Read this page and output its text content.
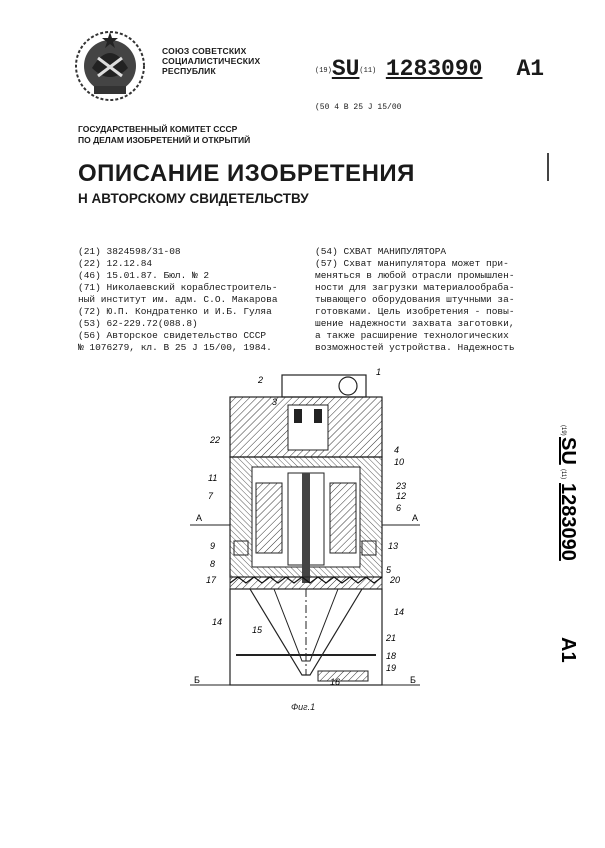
СОЮЗ СОВЕТСКИХ
СОЦИАЛИСТИЧЕСКИХ
РЕСПУБЛИК	(19)SU(11) 1283090 A1
(50 4 B 25 J 15/00
ГОСУДАРСТВЕННЫЙ КОМИТЕТ СССР
ПО ДЕЛАМ ИЗОБРЕТЕНИЙ И ОТКРЫТИЙ
ОПИСАНИЕ ИЗОБРЕТЕНИЯ
Н АВТОРСКОМУ СВИДЕТЕЛЬСТВУ
(21) 3824598/31-08
(22) 12.12.84
(46) 15.01.87. Бюл. № 2
(71) Николаевский кораблестроитель-
ный институт им. адм. С.О. Макарова
(72) Ю.П. Кондратенко и И.Б. Гуляа
(53) 62-229.72(088.8)
(56) Авторское свидетельство СССР
№ 1076279, кл. B 25 J 15/00, 1984.
(54) СХВАТ МАНИПУЛЯТОРА
(57) Схват манипулятора может при-
меняться в любой отрасли промышлен-
ности для загрузки материалообраба-
тывающего оборудования штучными за-
готовками. Цель изобретения - повы-
шение надежности захвата заготовки,
а также расширение технологических
возможностей устройства. Надежность
(19)
SU
(11)
1283090
A1
1
2
3
4
22
10
11
7
23
12
6
A	A
9	13
8
5
17	20
14
14
15
21
18
19
16
Б	Б
Фиг.1
